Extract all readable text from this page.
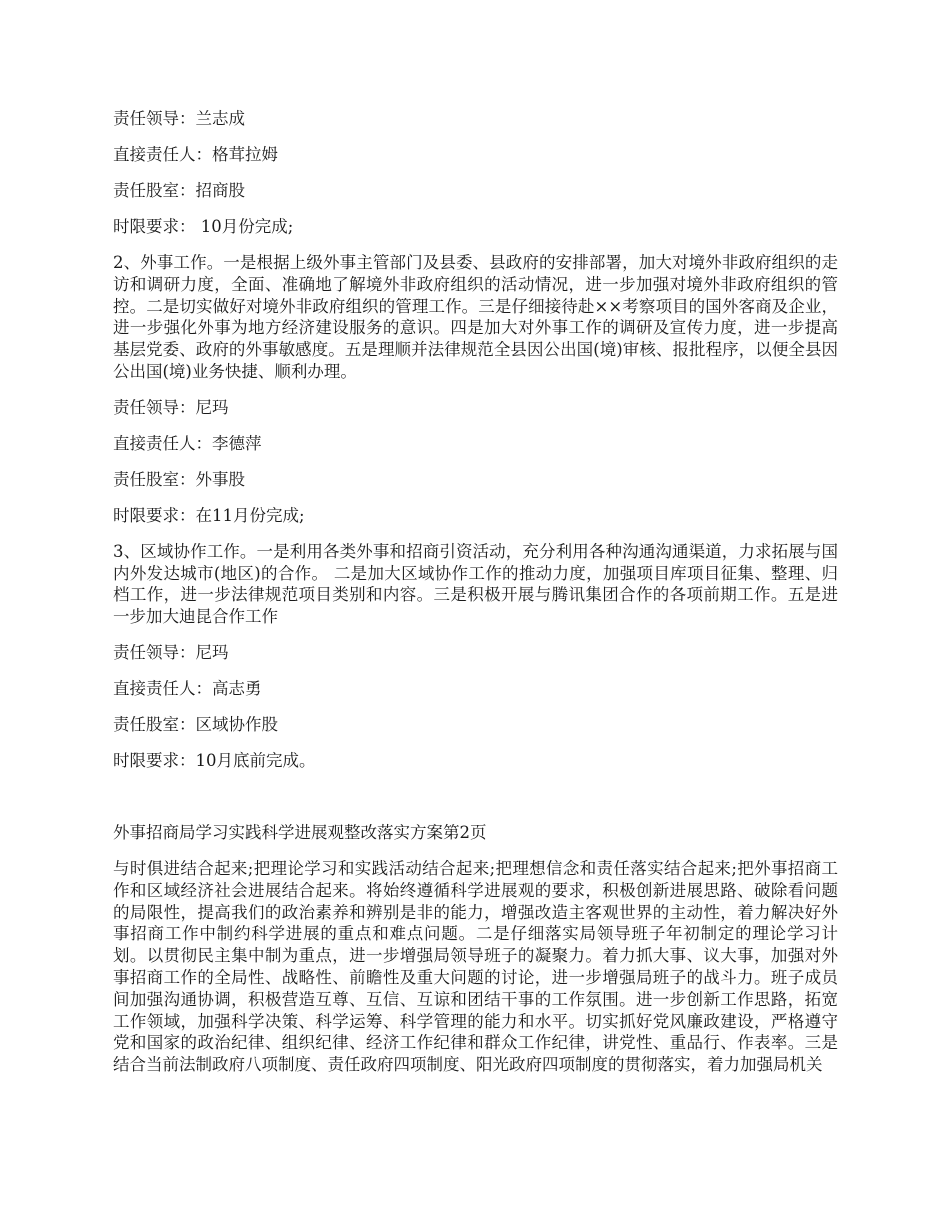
责任领导：兰志成
直接责任人：格茸拉姆
责任股室：招商股
时限要求： 10月份完成;
2、外事工作。一是根据上级外事主管部门及县委、县政府的安排部署，加大对境外非政府组织的走访和调研力度，全面、准确地了解境外非政府组织的活动情况，进一步加强对境外非政府组织的管控。二是切实做好对境外非政府组织的管理工作。三是仔细接待赴××考察项目的国外客商及企业，进一步强化外事为地方经济建设服务的意识。四是加大对外事工作的调研及宣传力度，进一步提高基层党委、政府的外事敏感度。五是理顺并法律规范全县因公出国(境)审核、报批程序，以便全县因公出国(境)业务快捷、顺利办理。
责任领导：尼玛
直接责任人：李德萍
责任股室：外事股
时限要求：在11月份完成;
3、区域协作工作。一是利用各类外事和招商引资活动，充分利用各种沟通沟通渠道，力求拓展与国内外发达城市(地区)的合作。 二是加大区域协作工作的推动力度，加强项目库项目征集、整理、归档工作，进一步法律规范项目类别和内容。三是积极开展与腾讯集团合作的各项前期工作。五是进一步加大迪昆合作工作
责任领导：尼玛
直接责任人：高志勇
责任股室：区域协作股
时限要求：10月底前完成。
外事招商局学习实践科学进展观整改落实方案第2页
与时俱进结合起来;把理论学习和实践活动结合起来;把理想信念和责任落实结合起来;把外事招商工作和区域经济社会进展结合起来。将始终遵循科学进展观的要求，积极创新进展思路、破除看问题的局限性，提高我们的政治素养和辨别是非的能力，增强改造主客观世界的主动性，着力解决好外事招商工作中制约科学进展的重点和难点问题。二是仔细落实局领导班子年初制定的理论学习计划。以贯彻民主集中制为重点，进一步增强局领导班子的凝聚力。着力抓大事、议大事，加强对外事招商工作的全局性、战略性、前瞻性及重大问题的讨论，进一步增强局班子的战斗力。班子成员间加强沟通协调，积极营造互尊、互信、互谅和团结干事的工作氛围。进一步创新工作思路，拓宽工作领域，加强科学决策、科学运筹、科学管理的能力和水平。切实抓好党风廉政建设，严格遵守党和国家的政治纪律、组织纪律、经济工作纪律和群众工作纪律，讲党性、重品行、作表率。三是结合当前法制政府八项制度、责任政府四项制度、阳光政府四项制度的贯彻落实，着力加强局机关
